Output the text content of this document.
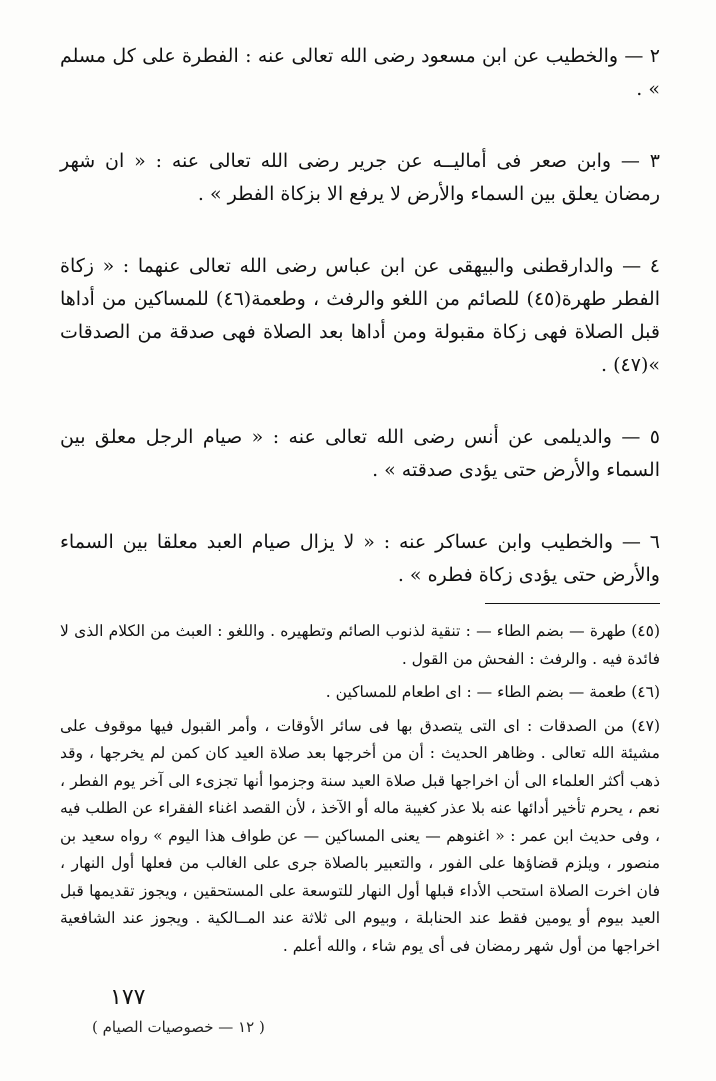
٢ — والخطيب عن ابن مسعود رضى الله تعالى عنه : الفطرة على كل مسلم » .

٣ — وابن صعر فى أماليــه عن جرير رضى الله تعالى عنه : « ان شهر رمضان يعلق بين السماء والأرض لا يرفع الا بزكاة الفطر » .

٤ — والدارقطنى والبيهقى عن ابن عباس رضى الله تعالى عنهما : « زكاة الفطر طهرة(٤٥) للصائم من اللغو والرفث ، وطعمة(٤٦) للمساكين من أداها قبل الصلاة فهى زكاة مقبولة ومن أداها بعد الصلاة فهى صدقة من الصدقات »(٤٧) .

٥ — والديلمى عن أنس رضى الله تعالى عنه : « صيام الرجل معلق بين السماء والأرض حتى يؤدى صدقته » .

٦ — والخطيب وابن عساكر عنه : « لا يزال صيام العبد معلقا بين السماء والأرض حتى يؤدى زكاة فطره » .

(٤٥) طهرة — بضم الطاء — : تنقية لذنوب الصائم وتطهيره . واللغو : العبث من الكلام الذى لا فائدة فيه . والرفث : الفحش من القول .

(٤٦) طعمة — بضم الطاء — : اى اطعام للمساكين .

(٤٧) من الصدقات : اى التى يتصدق بها فى سائر الأوقات ، وأمر القبول فيها موقوف على مشيئة الله تعالى . وظاهر الحديث : أن من أخرجها بعد صلاة العيد كان كمن لم يخرجها ، وقد ذهب أكثر العلماء الى أن اخراجها قبل صلاة العيد سنة وجزموا أنها تجزىء الى آخر يوم الفطر ، نعم ، يحرم تأخير أدائها عنه بلا عذر كغيبة ماله أو الآخذ ، لأن القصد اغناء الفقراء عن الطلب فيه ، وفى حديث ابن عمر : « اغنوهم — يعنى المساكين — عن طواف هذا اليوم » رواه سعيد بن منصور ، ويلزم قضاؤها على الفور ، والتعبير بالصلاة جرى على الغالب من فعلها أول النهار ، فان اخرت الصلاة استحب الأداء قبلها أول النهار للتوسعة على المستحقين ، ويجوز تقديمها قبل العيد بيوم أو يومين فقط عند الحنابلة ، وبيوم الى ثلاثة عند المــالكية . ويجوز عند الشافعية اخراجها من أول شهر رمضان فى أى يوم شاء ، والله أعلم .

١٧٧
( ١٢ — خصوصيات الصيام )
